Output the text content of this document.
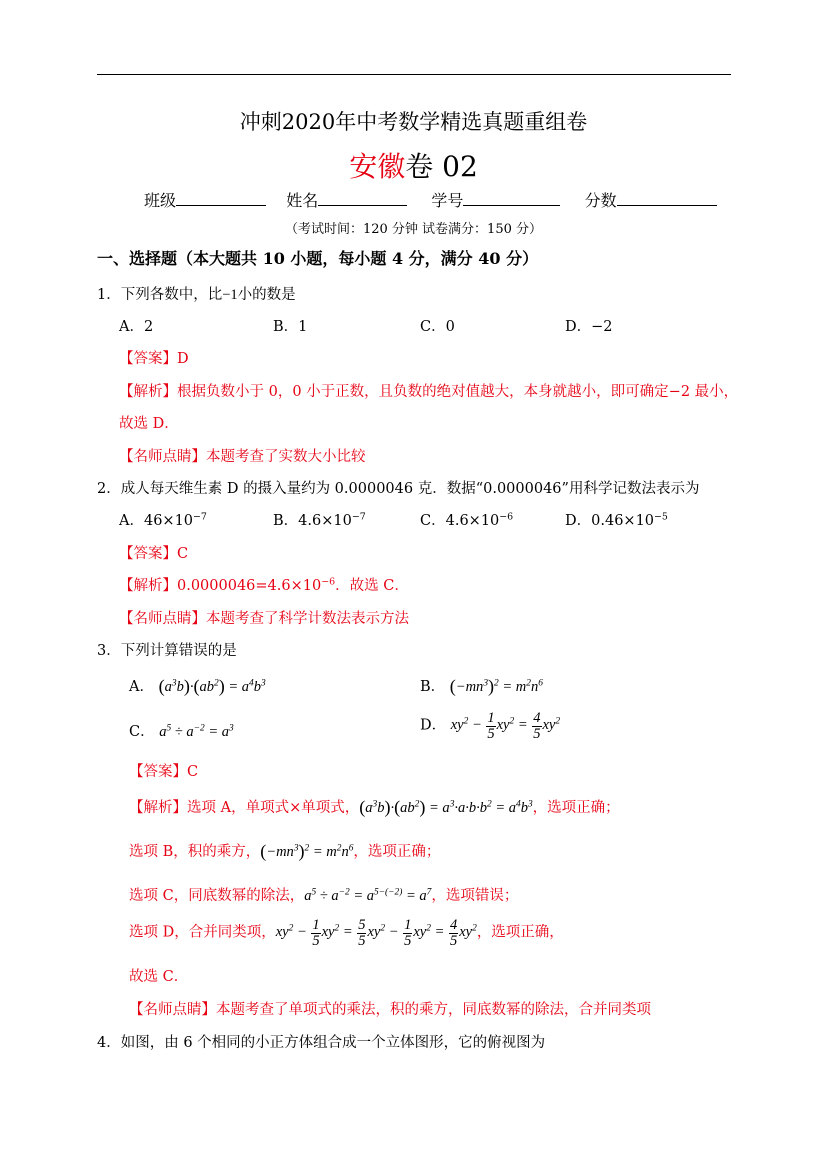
冲刺2020年中考数学精选真题重组卷
安徽卷 02
班级	姓名	学号	分数
（考试时间：120 分钟 试卷满分：150 分）
一、选择题（本大题共 10 小题，每小题 4 分，满分 40 分）
1．下列各数中，比−1小的数是
A．2	B．1	C．0	D．−2
【答案】D
【解析】根据负数小于 0，0 小于正数，且负数的绝对值越大，本身就越小，即可确定−2 最小，
故选 D．
【名师点睛】本题考查了实数大小比较
2．成人每天维生素 D 的摄入量约为 0.0000046 克．数据“0.0000046”用科学记数法表示为
A．$46\times 10^{-7}$	B．$4.6\times 10^{-7}$	C．$4.6\times 10^{-6}$	D．$0.46\times 10^{-5}$
【答案】C
【解析】$0.0000046=4.6\times 10^{-6}$．故选 C．
【名师点睛】本题考查了科学计数法表示方法
3．下列计算错误的是
A． $(a^3b)\cdot(ab^2) = a^4b^3$	B． $(-mn^3)^2 = m^2n^6$
C． $a^5 \div a^{-2} = a^3$	D． $xy^2 - \frac{1}{5} xy^2 = \frac{4}{5} xy^2$
【答案】C
【解析】选项 A，单项式×单项式，$(a^3b)\cdot(ab^2) = a^3\cdot a\cdot b\cdot b^2 = a^4b^3$，选项正确；
选项 B，积的乘方，$(-mn^3)^2 = m^2n^6$，选项正确；
选项 C，同底数幂的除法，$a^5 \div a^{-2} = a^{5-(-2)} = a^7$，选项错误；
选项 D，合并同类项，$xy^2 - \frac{1}{5} xy^2 = \frac{5}{5} xy^2 - \frac{1}{5} xy^2 = \frac{4}{5} xy^2$，选项正确，
故选 C．
【名师点睛】本题考查了单项式的乘法，积的乘方，同底数幂的除法，合并同类项
4．如图，由 6 个相同的小正方体组合成一个立体图形，它的俯视图为
